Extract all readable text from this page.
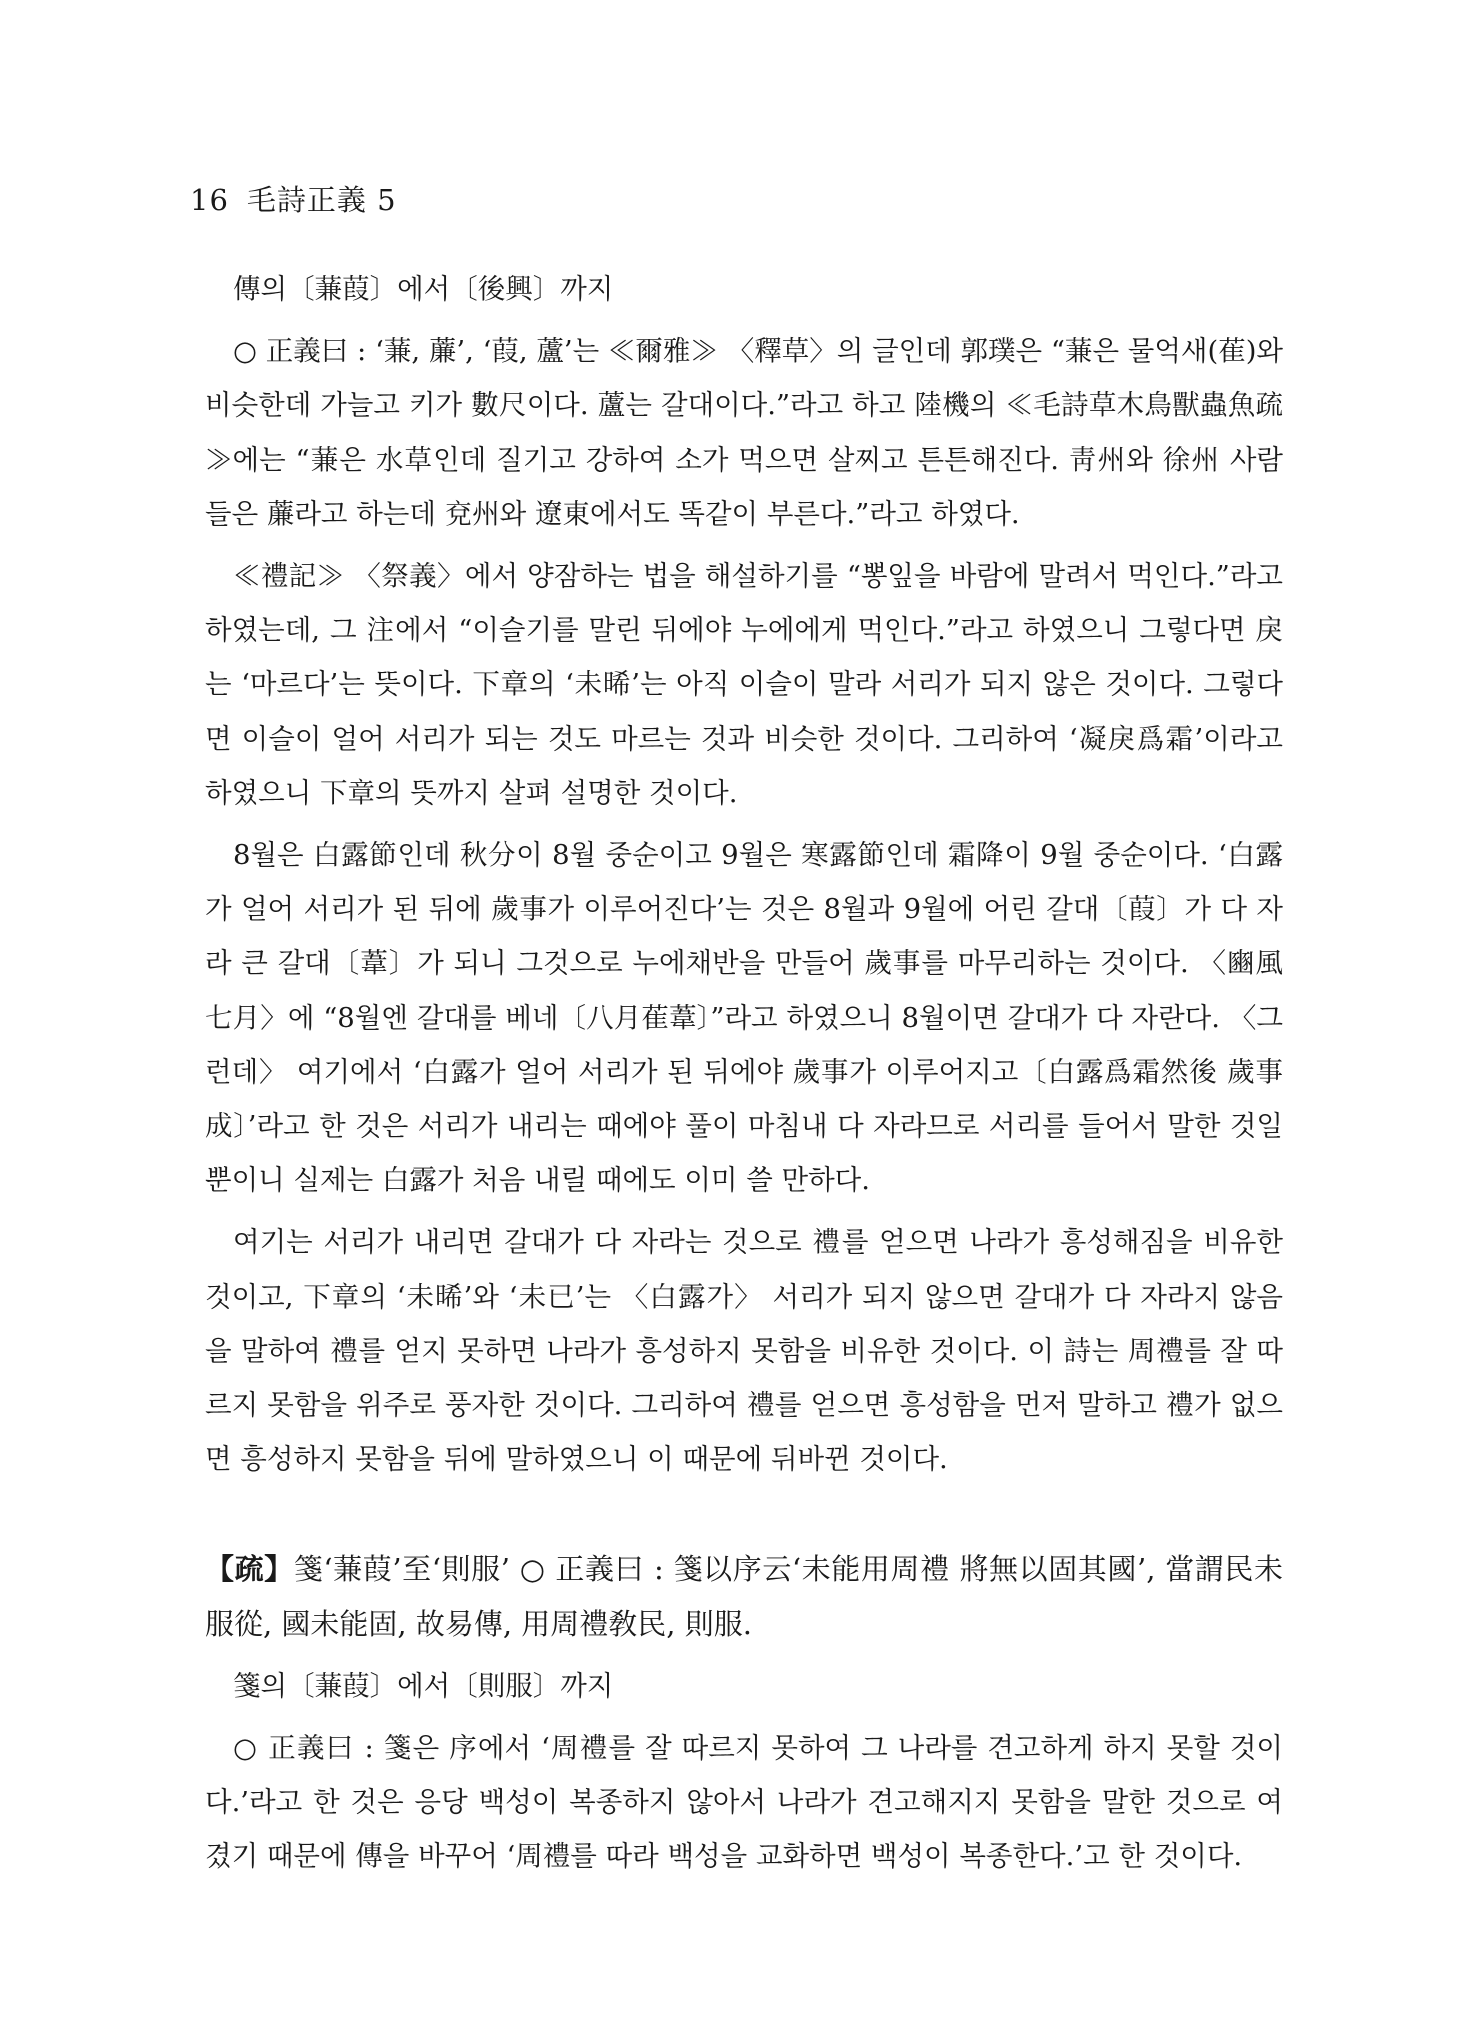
16 毛詩正義 5

傳의〔蒹葭〕에서〔後興〕까지

○ 正義曰 : ‘蒹, 薕’, ‘葭, 蘆’는 ≪爾雅≫ 〈釋草〉의 글인데 郭璞은 “蒹은 물억새(萑)와 비슷한데 가늘고 키가 數尺이다. 蘆는 갈대이다.”라고 하고 陸機의 ≪毛詩草木鳥獸蟲魚疏≫에는 “蒹은 水草인데 질기고 강하여 소가 먹으면 살찌고 튼튼해진다. 靑州와 徐州 사람들은 薕라고 하는데 兗州와 遼東에서도 똑같이 부른다.”라고 하였다.

≪禮記≫ 〈祭義〉에서 양잠하는 법을 해설하기를 “뽕잎을 바람에 말려서 먹인다.”라고 하였는데, 그 注에서 “이슬기를 말린 뒤에야 누에에게 먹인다.”라고 하였으니 그렇다면 戾는 ‘마르다’는 뜻이다. 下章의 ‘未晞’는 아직 이슬이 말라 서리가 되지 않은 것이다. 그렇다면 이슬이 얼어 서리가 되는 것도 마르는 것과 비슷한 것이다. 그리하여 ‘凝戾爲霜’이라고 하였으니 下章의 뜻까지 살펴 설명한 것이다.

8월은 白露節인데 秋分이 8월 중순이고 9월은 寒露節인데 霜降이 9월 중순이다. ‘白露가 얼어 서리가 된 뒤에 歲事가 이루어진다’는 것은 8월과 9월에 어린 갈대〔葭〕가 다 자라 큰 갈대〔葦〕가 되니 그것으로 누에채반을 만들어 歲事를 마무리하는 것이다. 〈豳風 七月〉에 “8월엔 갈대를 베네〔八月萑葦〕”라고 하였으니 8월이면 갈대가 다 자란다. 〈그런데〉 여기에서 ‘白露가 얼어 서리가 된 뒤에야 歲事가 이루어지고〔白露爲霜然後 歲事成〕’라고 한 것은 서리가 내리는 때에야 풀이 마침내 다 자라므로 서리를 들어서 말한 것일 뿐이니 실제는 白露가 처음 내릴 때에도 이미 쓸 만하다.

여기는 서리가 내리면 갈대가 다 자라는 것으로 禮를 얻으면 나라가 흥성해짐을 비유한 것이고, 下章의 ‘未晞’와 ‘未已’는 〈白露가〉 서리가 되지 않으면 갈대가 다 자라지 않음을 말하여 禮를 얻지 못하면 나라가 흥성하지 못함을 비유한 것이다. 이 詩는 周禮를 잘 따르지 못함을 위주로 풍자한 것이다. 그리하여 禮를 얻으면 흥성함을 먼저 말하고 禮가 없으면 흥성하지 못함을 뒤에 말하였으니 이 때문에 뒤바뀐 것이다.

【疏】箋‘蒹葭’至‘則服’ ○ 正義曰 : 箋以序云‘未能用周禮 將無以固其國’, 當謂民未服從, 國未能固, 故易傳, 用周禮敎民, 則服.

箋의〔蒹葭〕에서〔則服〕까지

○ 正義曰 : 箋은 序에서 ‘周禮를 잘 따르지 못하여 그 나라를 견고하게 하지 못할 것이다.’라고 한 것은 응당 백성이 복종하지 않아서 나라가 견고해지지 못함을 말한 것으로 여겼기 때문에 傳을 바꾸어 ‘周禮를 따라 백성을 교화하면 백성이 복종한다.’고 한 것이다.
